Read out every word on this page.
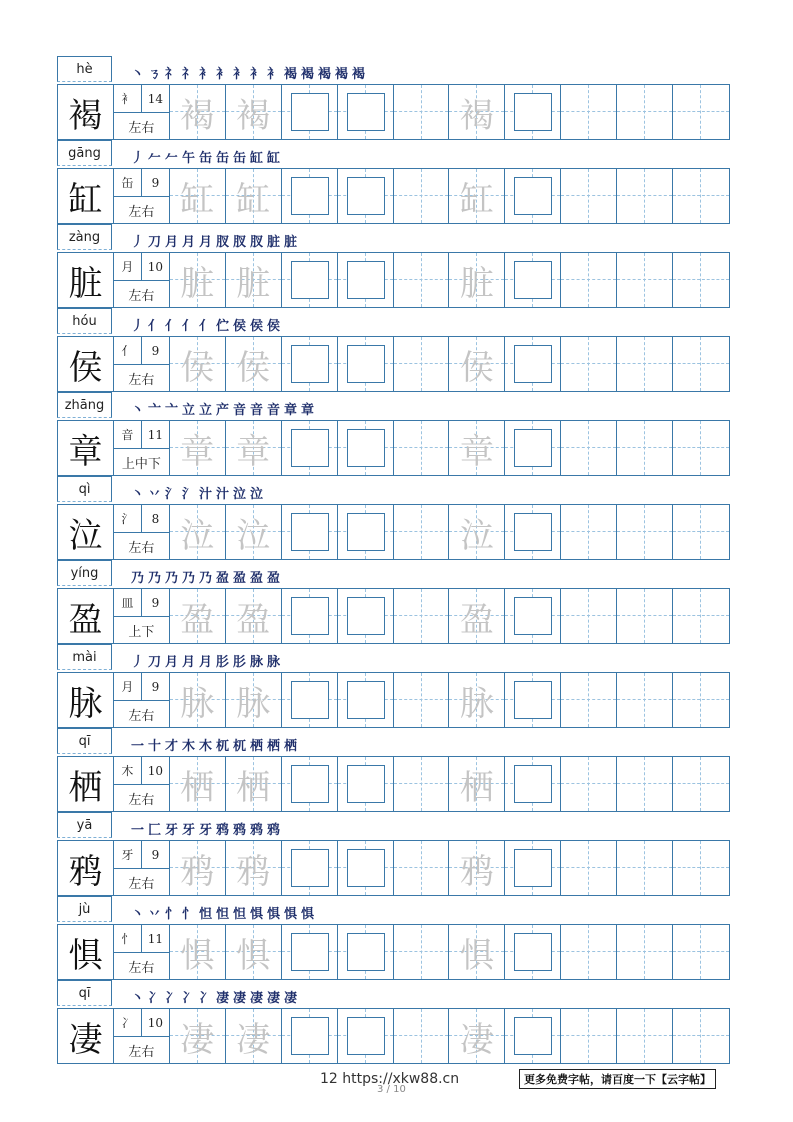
hè	丶 ㄋ 礻 礻 衤 衤 衤 衤 衤 褐 褐 褐 褐 褐
褐	衤	14
左右 褐 褐	褐
gāng	丿 𠂉 𠂉 午 缶 缶 缶 缸 缸
缸	缶	9
左右 缸 缸	缸
zàng	丿 刀 月 月 月 肞 肞 肞 脏 脏
脏	月	10
左右 脏 脏	脏
hóu	丿 亻 亻 亻 亻 伫 侯 侯 侯
侯	亻	9
左右 侯 侯	侯
zhāng	丶 亠 亠 立 立 产 音 音 音 章 章
章	音	11
上中下 章 章	章
qì	丶 丷 氵 氵 汁 汁 泣 泣
泣	氵	8
左右 泣 泣	泣
yíng	乃 乃 乃 乃 乃 盈 盈 盈 盈
盈	皿	9
上下 盈 盈	盈
mài	丿 刀 月 月 月 肜 肜 脉 脉
脉	月	9
左右 脉 脉	脉
qī	一 十 才 木 木 杌 杌 栖 栖 栖
栖	木	10
左右 栖 栖	栖
yā	一 匚 牙 牙 牙 鸦 鸦 鸦 鸦
鸦	牙	9
左右 鸦 鸦	鸦
jù	丶 丷 忄 忄 怛 怛 怛 惧 惧 惧 惧
惧	忄	11
左右 惧 惧	惧
qī	丶 冫 冫 冫 冫 凄 凄 凄 凄 凄
凄	冫	10
左右 凄 凄	凄
12 https://xkw88.cn
3 / 10
更多免费字帖，请百度一下【云字帖】
